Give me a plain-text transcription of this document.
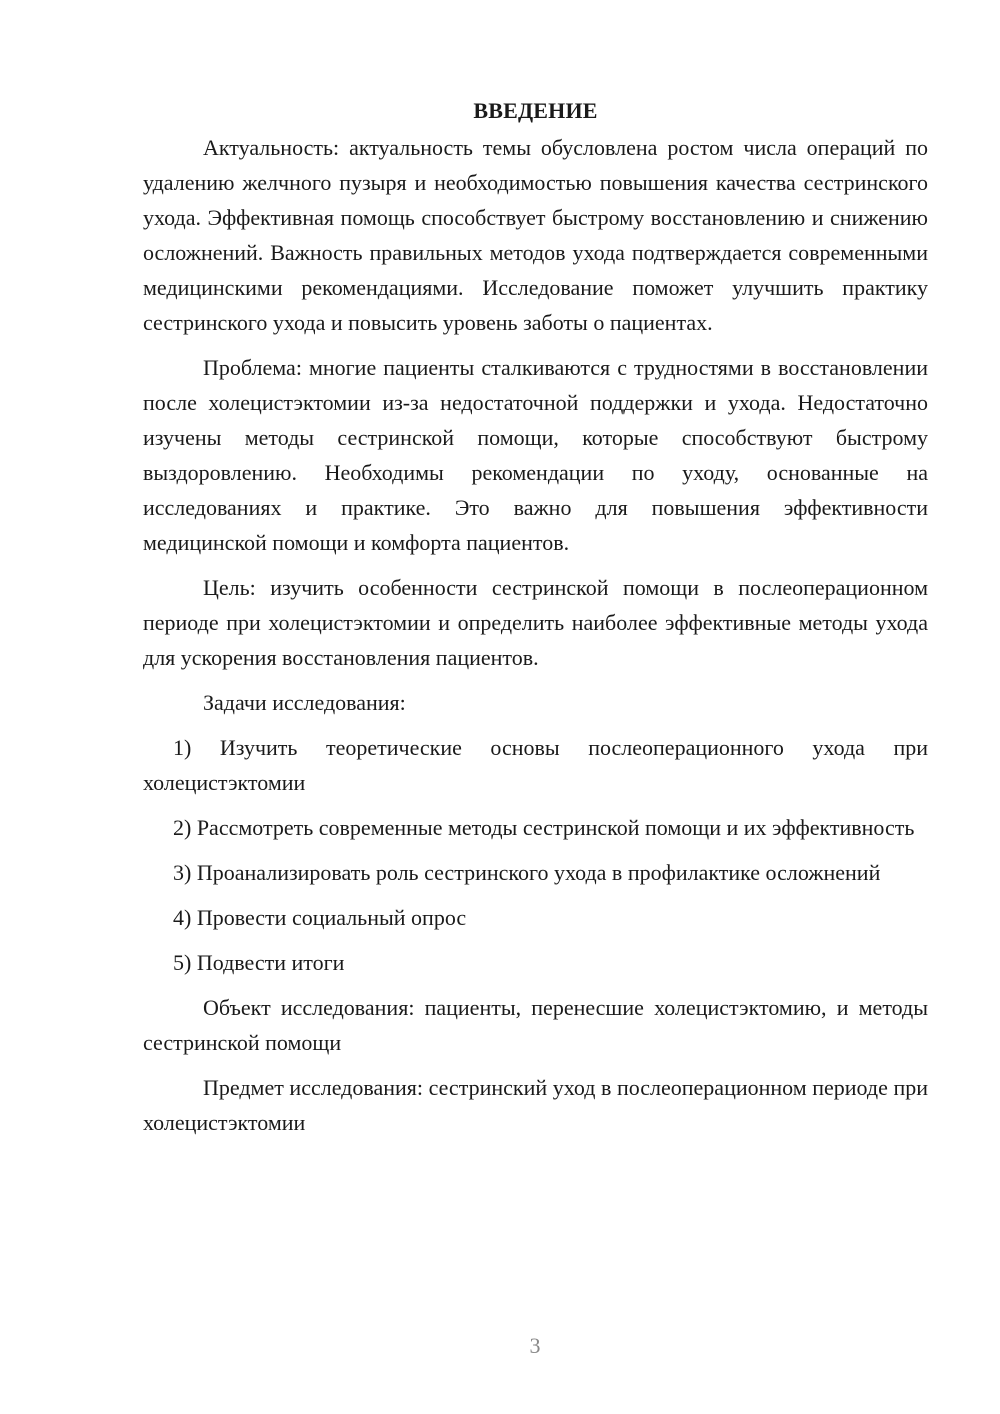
ВВЕДЕНИЕ

Актуальность: актуальность темы обусловлена ростом числа операций по удалению желчного пузыря и необходимостью повышения качества сестринского ухода. Эффективная помощь способствует быстрому восстановлению и снижению осложнений. Важность правильных методов ухода подтверждается современными медицинскими рекомендациями. Исследование поможет улучшить практику сестринского ухода и повысить уровень заботы о пациентах.

Проблема: многие пациенты сталкиваются с трудностями в восстановлении после холецистэктомии из-за недостаточной поддержки и ухода. Недостаточно изучены методы сестринской помощи, которые способствуют быстрому выздоровлению. Необходимы рекомендации по уходу, основанные на исследованиях и практике. Это важно для повышения эффективности медицинской помощи и комфорта пациентов.

Цель: изучить особенности сестринской помощи в послеоперационном периоде при холецистэктомии и определить наиболее эффективные методы ухода для ускорения восстановления пациентов.

Задачи исследования:

1) Изучить теоретические основы послеоперационного ухода при холецистэктомии

2) Рассмотреть современные методы сестринской помощи и их эффективность

3) Проанализировать роль сестринского ухода в профилактике осложнений

4) Провести социальный опрос

5) Подвести итоги

Объект исследования: пациенты, перенесшие холецистэктомию, и методы сестринской помощи

Предмет исследования: сестринский уход в послеоперационном периоде при холецистэктомии

3
